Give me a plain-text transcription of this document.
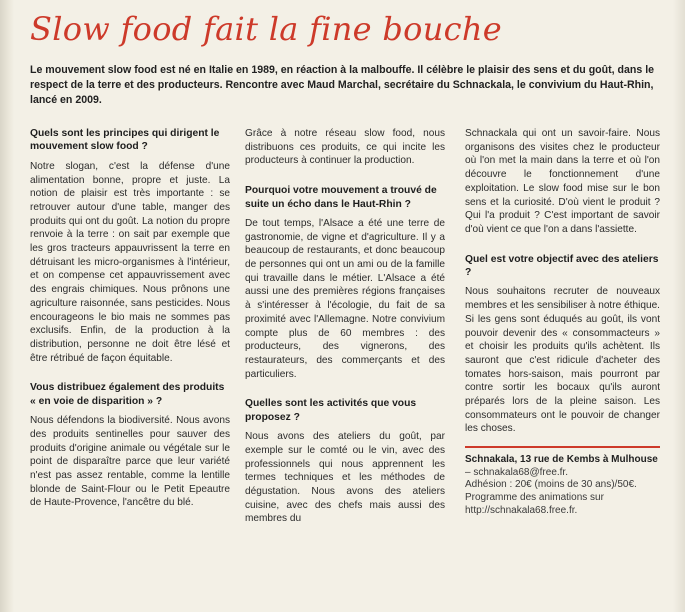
Slow food fait la fine bouche

Le mouvement slow food est né en Italie en 1989, en réaction à la malbouffe. Il célèbre le plaisir des sens et du goût, dans le respect de la terre et des producteurs. Rencontre avec Maud Marchal, secrétaire du Schnackala, le convivium du Haut-Rhin, lancé en 2009.

Quels sont les principes qui dirigent le mouvement slow food ?

Notre slogan, c'est la défense d'une alimentation bonne, propre et juste. La notion de plaisir est très importante : se retrouver autour d'une table, manger des produits qui ont du goût. La notion du propre renvoie à la terre : on sait par exemple que les gros tracteurs appauvrissent la terre en détruisant les micro-organismes à l'intérieur, et on compense cet appauvrissement avec des engrais chimiques. Nous prônons une agriculture raisonnée, sans pesticides. Nous encourageons le bio mais ne sommes pas exclusifs. Enfin, de la production à la distribution, personne ne doit être lésé et être rétribué de façon équitable.

Vous distribuez également des produits « en voie de disparition » ?

Nous défendons la biodiversité. Nous avons des produits sentinelles pour sauver des produits d'origine animale ou végétale sur le point de disparaître parce que leur variété n'est pas assez rentable, comme la lentille blonde de Saint-Flour ou le Petit Epeautre de Haute-Provence, l'ancêtre du blé.

Grâce à notre réseau slow food, nous distribuons ces produits, ce qui incite les producteurs à continuer la production.

Pourquoi votre mouvement a trouvé de suite un écho dans le Haut-Rhin ?

De tout temps, l'Alsace a été une terre de gastronomie, de vigne et d'agriculture. Il y a beaucoup de restaurants, et donc beaucoup de personnes qui ont un ami ou de la famille qui travaille dans le métier. L'Alsace a été aussi une des premières régions françaises à s'intéresser à l'écologie, du fait de sa proximité avec l'Allemagne. Notre convivium compte plus de 60 membres : des producteurs, des vignerons, des restaurateurs, des commerçants et des particuliers.

Quelles sont les activités que vous proposez ?

Nous avons des ateliers du goût, par exemple sur le comté ou le vin, avec des professionnels qui nous apprennent les termes techniques et les méthodes de dégustation. Nous avons des ateliers cuisine, avec des chefs mais aussi des membres du

Schnackala qui ont un savoir-faire. Nous organisons des visites chez le producteur où l'on met la main dans la terre et où l'on découvre le fonctionnement d'une exploitation. Le slow food mise sur le bon sens et la curiosité. D'où vient le produit ? Qui l'a produit ? C'est important de savoir d'où vient ce que l'on a dans l'assiette.

Quel est votre objectif avec des ateliers ?

Nous souhaitons recruter de nouveaux membres et les sensibiliser à notre éthique. Si les gens sont éduqués au goût, ils vont pouvoir devenir des « consommacteurs » et choisir les produits qu'ils achètent. Ils sauront que c'est ridicule d'acheter des tomates hors-saison, mais pourront par contre sortir les bocaux qu'ils auront préparés lors de la pleine saison. Les consommateurs ont le pouvoir de changer les choses.

Schnakala, 13 rue de Kembs à Mulhouse – schnakala68@free.fr.
Adhésion : 20€ (moins de 30 ans)/50€.
Programme des animations sur http://schnakala68.free.fr.
